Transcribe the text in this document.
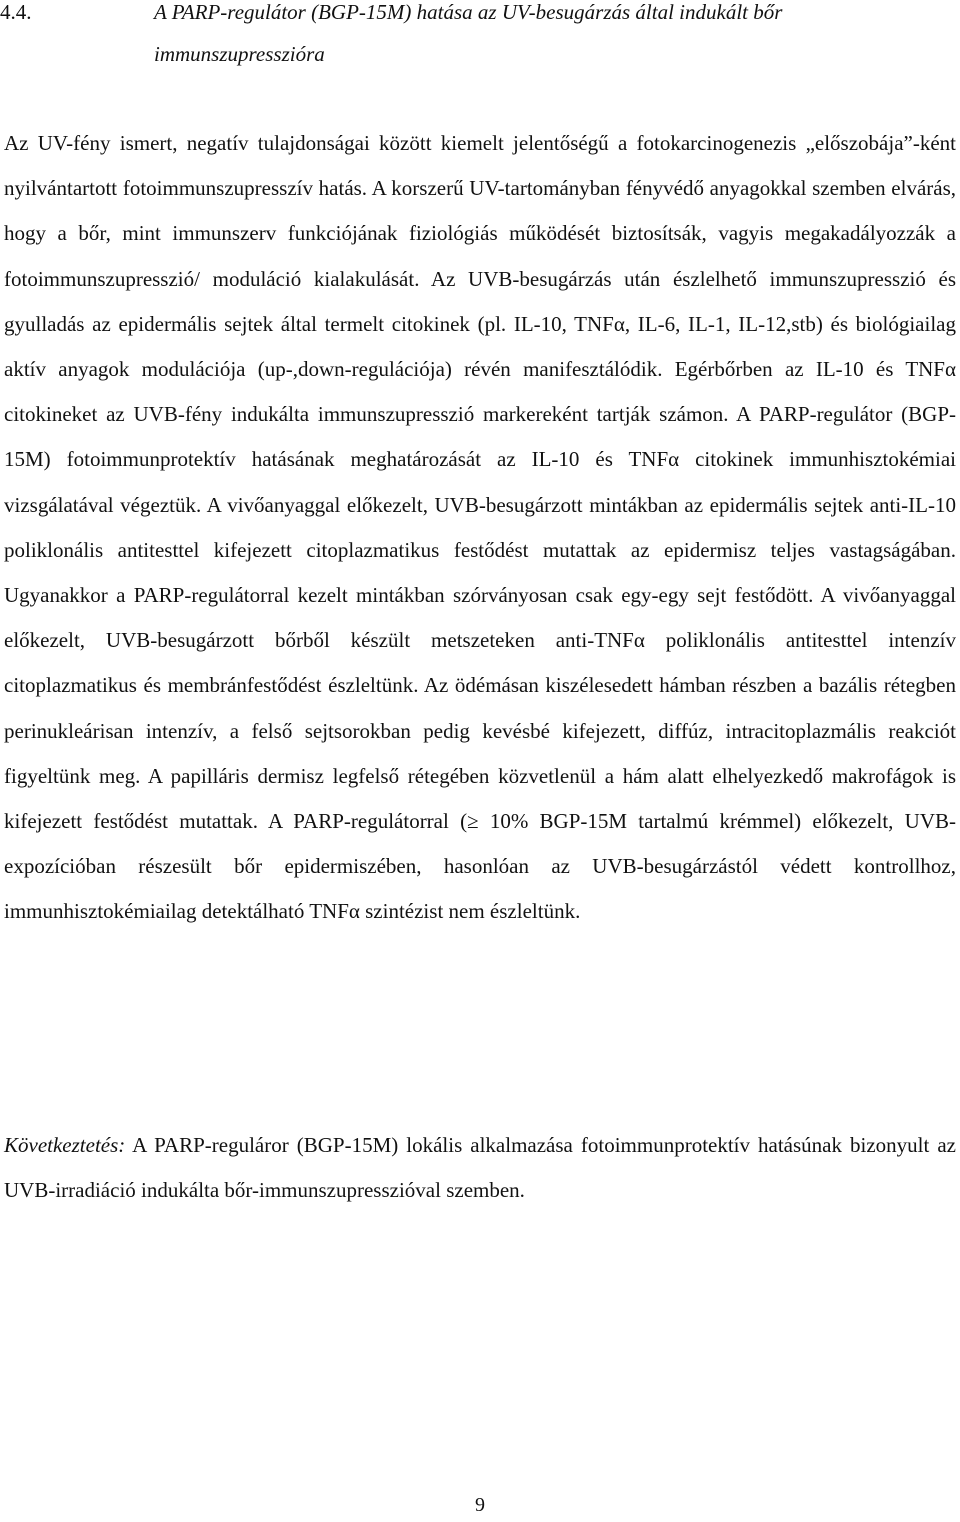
4.4.	A PARP-regulátor (BGP-15M) hatása az UV-besugárzás által indukált bőr immunszupresszióra

Az UV-fény ismert, negatív tulajdonságai között kiemelt jelentőségű a fotokarcinogenezis „előszobája”-ként nyilvántartott fotoimmunszupresszív hatás. A korszerű UV-tartományban fényvédő anyagokkal szemben elvárás, hogy a bőr, mint immunszerv funkciójának fiziológiás működését biztosítsák, vagyis megakadályozzák a fotoimmunszupresszió/ moduláció kialakulását. Az UVB-besugárzás után észlelhető immunszupresszió és gyulladás az epidermális sejtek által termelt citokinek (pl. IL-10, TNFα, IL-6, IL-1, IL-12,stb) és biológiailag aktív anyagok modulációja (up-,down-regulációja) révén manifesztálódik. Egérbőrben az IL-10 és TNFα citokineket az UVB-fény indukálta immunszupresszió markereként tartják számon. A PARP-regulátor (BGP-15M) fotoimmunprotektív hatásának meghatározását az IL-10 és TNFα citokinek immunhisztokémiai vizsgálatával végeztük. A vivőanyaggal előkezelt, UVB-besugárzott mintákban az epidermális sejtek anti-IL-10 poliklonális antitesttel kifejezett citoplazmatikus festődést mutattak az epidermisz teljes vastagságában. Ugyanakkor a PARP-regulátorral kezelt mintákban szórványosan csak egy-egy sejt festődött. A vivőanyaggal előkezelt, UVB-besugárzott bőrből készült metszeteken anti-TNFα poliklonális antitesttel intenzív citoplazmatikus és membránfestődést észleltünk. Az ödémásan kiszélesedett hámban részben a bazális rétegben perinukleárisan intenzív, a felső sejtsorokban pedig kevésbé kifejezett, diffúz, intracitoplazmális reakciót figyeltünk meg. A papilláris dermisz legfelső rétegében közvetlenül a hám alatt elhelyezkedő makrofágok is kifejezett festődést mutattak. A PARP-regulátorral (≥ 10% BGP-15M tartalmú krémmel) előkezelt, UVB-expozícióban részesült bőr epidermiszében, hasonlóan az UVB-besugárzástól védett kontrollhoz, immunhisztokémiailag detektálható TNFα szintézist nem észleltünk.

Következtetés: A PARP-reguláror (BGP-15M) lokális alkalmazása fotoimmunprotektív hatásúnak bizonyult az UVB-irradiáció indukálta bőr-immunszupresszióval szemben.

9
